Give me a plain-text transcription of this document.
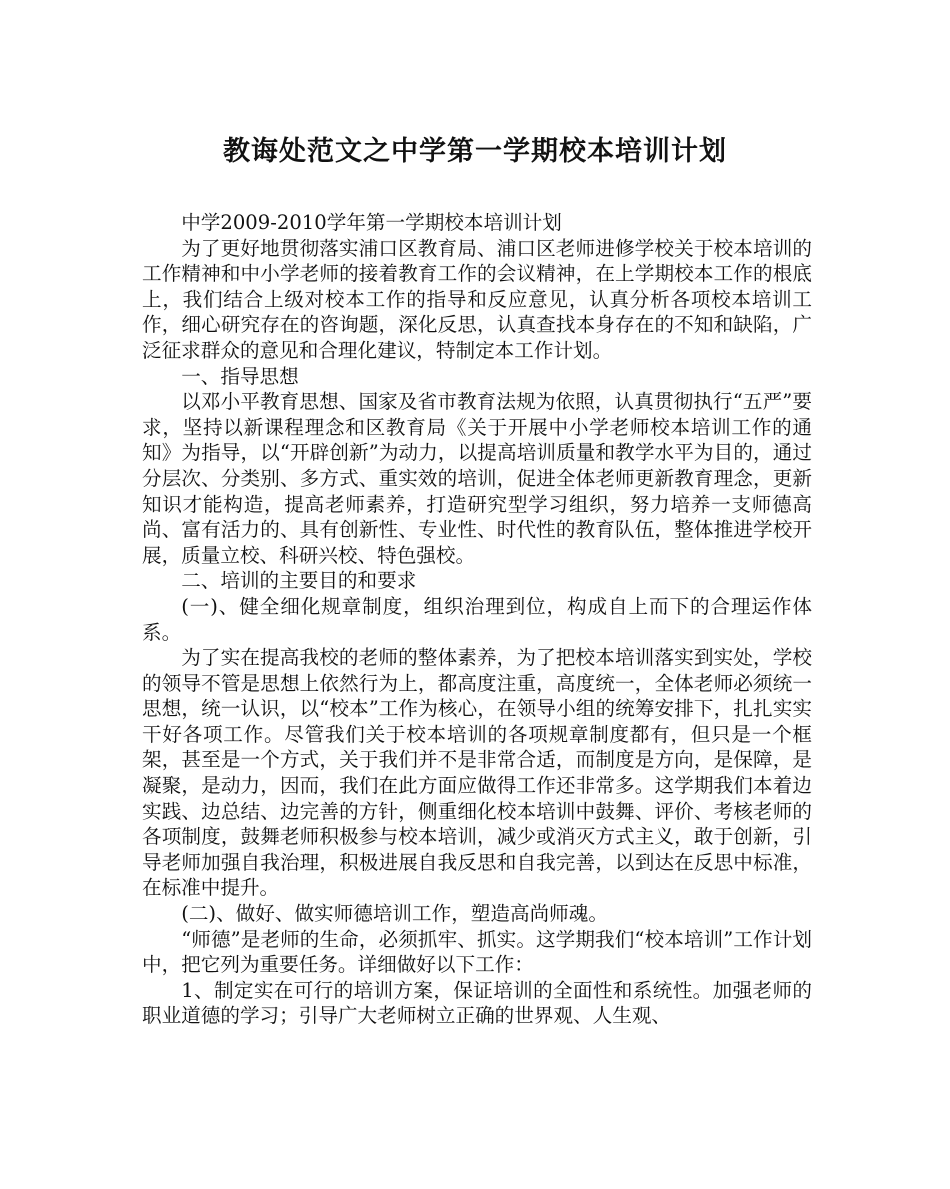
教诲处范文之中学第一学期校本培训计划

中学2009-2010学年第一学期校本培训计划

为了更好地贯彻落实浦口区教育局、浦口区老师进修学校关于校本培训的工作精神和中小学老师的接着教育工作的会议精神，在上学期校本工作的根底上，我们结合上级对校本工作的指导和反应意见，认真分析各项校本培训工作，细心研究存在的咨询题，深化反思，认真查找本身存在的不知和缺陷，广泛征求群众的意见和合理化建议，特制定本工作计划。

一、指导思想

以邓小平教育思想、国家及省市教育法规为依照，认真贯彻执行“五严”要求，坚持以新课程理念和区教育局《关于开展中小学老师校本培训工作的通知》为指导，以“开辟创新”为动力，以提高培训质量和教学水平为目的，通过分层次、分类别、多方式、重实效的培训，促进全体老师更新教育理念，更新知识才能构造，提高老师素养，打造研究型学习组织，努力培养一支师德高尚、富有活力的、具有创新性、专业性、时代性的教育队伍，整体推进学校开展，质量立校、科研兴校、特色强校。

二、培训的主要目的和要求

(一)、健全细化规章制度，组织治理到位，构成自上而下的合理运作体系。

为了实在提高我校的老师的整体素养，为了把校本培训落实到实处，学校的领导不管是思想上依然行为上，都高度注重，高度统一，全体老师必须统一思想，统一认识，以“校本”工作为核心，在领导小组的统筹安排下，扎扎实实干好各项工作。尽管我们关于校本培训的各项规章制度都有，但只是一个框架，甚至是一个方式，关于我们并不是非常合适，而制度是方向，是保障，是凝聚，是动力，因而，我们在此方面应做得工作还非常多。这学期我们本着边实践、边总结、边完善的方针，侧重细化校本培训中鼓舞、评价、考核老师的各项制度，鼓舞老师积极参与校本培训，减少或消灭方式主义，敢于创新，引导老师加强自我治理，积极进展自我反思和自我完善，以到达在反思中标准，在标准中提升。

(二)、做好、做实师德培训工作，塑造高尚师魂。

“师德”是老师的生命，必须抓牢、抓实。这学期我们“校本培训”工作计划中，把它列为重要任务。详细做好以下工作：

1、制定实在可行的培训方案，保证培训的全面性和系统性。加强老师的职业道德的学习；引导广大老师树立正确的世界观、人生观、
